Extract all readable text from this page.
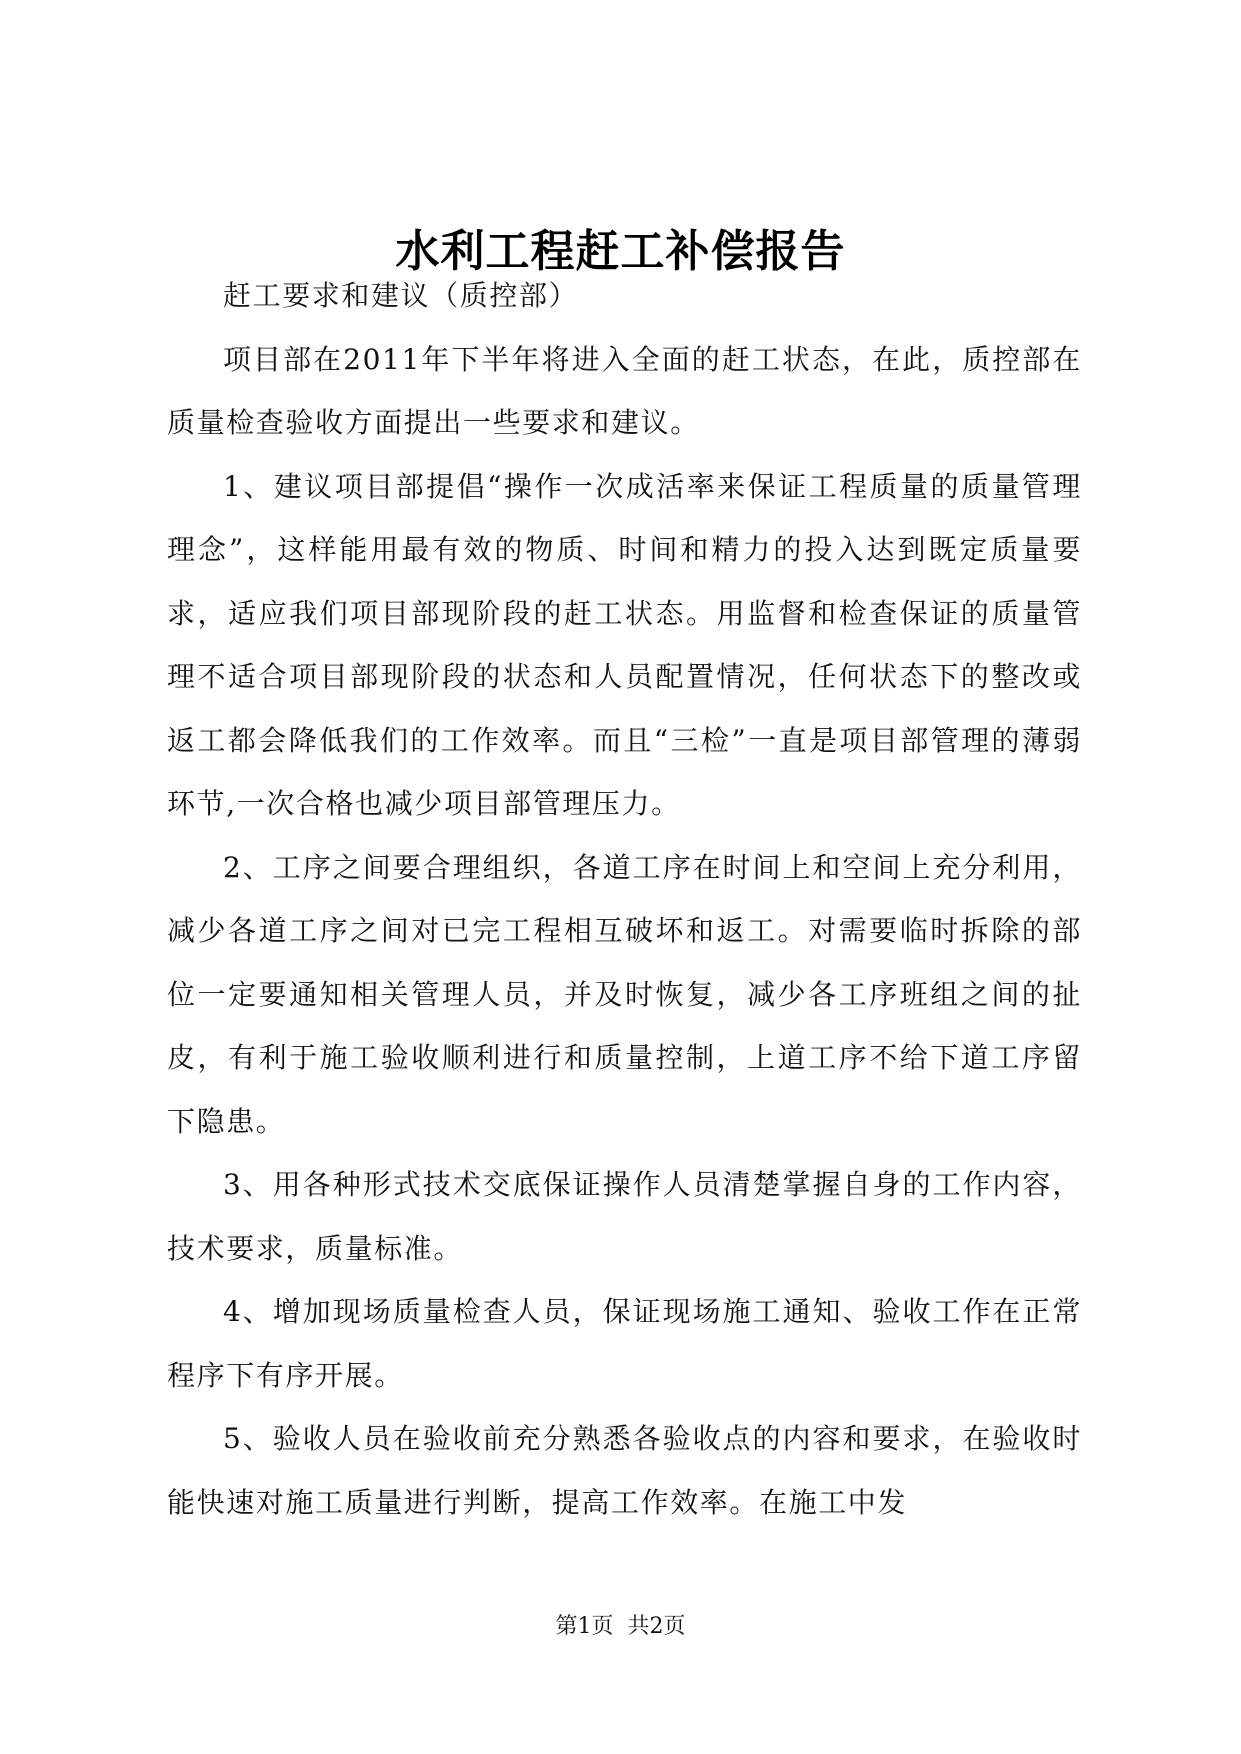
水利工程赶工补偿报告

赶工要求和建议（质控部）

项目部在2011年下半年将进入全面的赶工状态，在此，质控部在质量检查验收方面提出一些要求和建议。

1、建议项目部提倡“操作一次成活率来保证工程质量的质量管理理念”，这样能用最有效的物质、时间和精力的投入达到既定质量要求，适应我们项目部现阶段的赶工状态。用监督和检查保证的质量管理不适合项目部现阶段的状态和人员配置情况，任何状态下的整改或返工都会降低我们的工作效率。而且“三检”一直是项目部管理的薄弱环节,一次合格也减少项目部管理压力。

2、工序之间要合理组织，各道工序在时间上和空间上充分利用，减少各道工序之间对已完工程相互破坏和返工。对需要临时拆除的部位一定要通知相关管理人员，并及时恢复，减少各工序班组之间的扯皮，有利于施工验收顺利进行和质量控制，上道工序不给下道工序留下隐患。

3、用各种形式技术交底保证操作人员清楚掌握自身的工作内容，技术要求，质量标准。

4、增加现场质量检查人员，保证现场施工通知、验收工作在正常程序下有序开展。

5、验收人员在验收前充分熟悉各验收点的内容和要求，在验收时能快速对施工质量进行判断，提高工作效率。在施工中发

第1页 共2页
